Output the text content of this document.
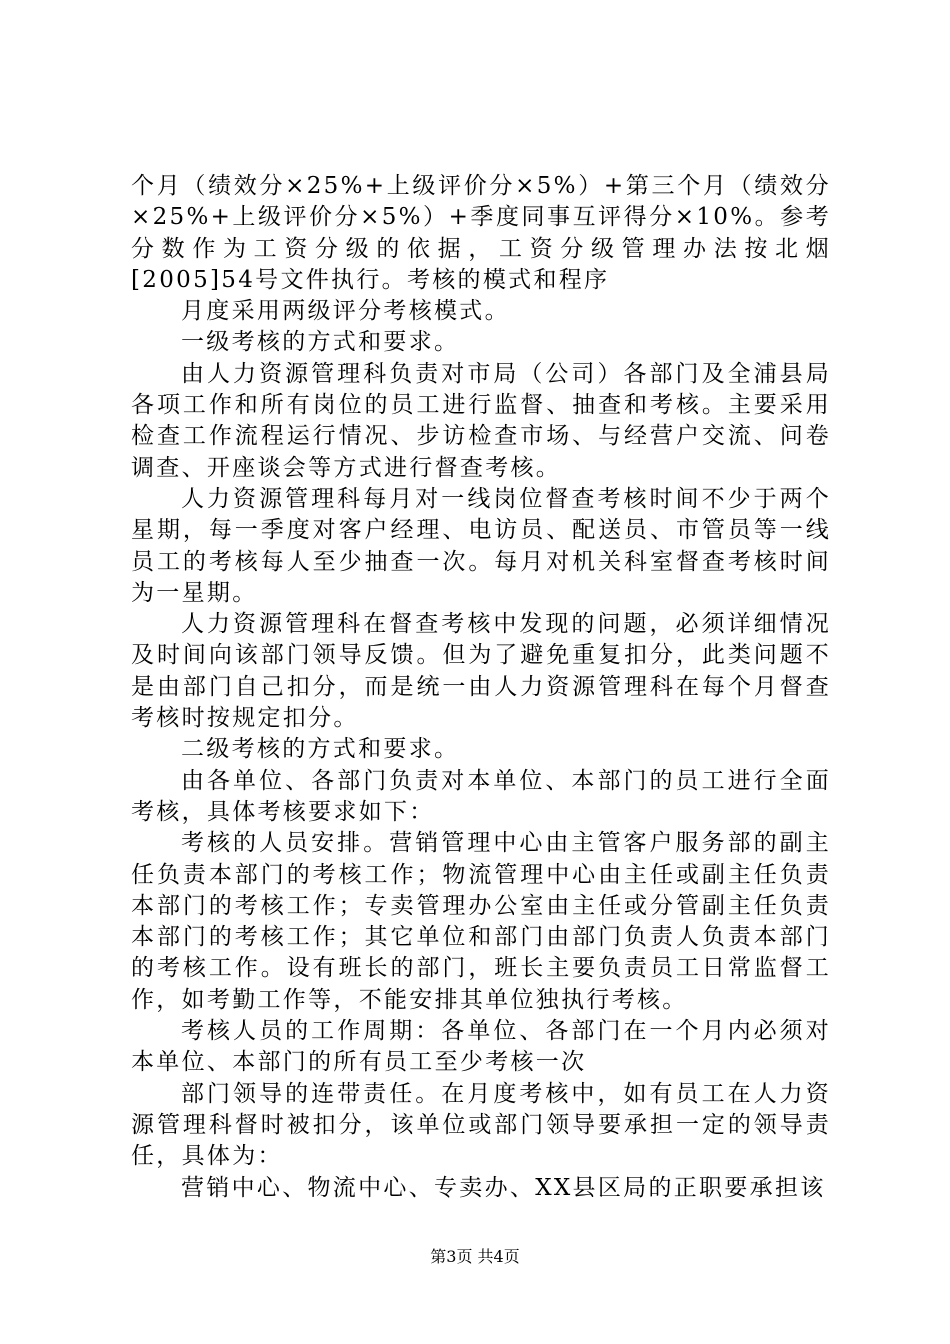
个月（绩效分×25%+上级评价分×5%）+第三个月（绩效分×25%+上级评价分×5%）+季度同事互评得分×10%。参考分数作为工资分级的依据，工资分级管理办法按北烟[2005]54号文件执行。考核的模式和程序

月度采用两级评分考核模式。

一级考核的方式和要求。

由人力资源管理科负责对市局（公司）各部门及全浦县局各项工作和所有岗位的员工进行监督、抽查和考核。主要采用检查工作流程运行情况、步访检查市场、与经营户交流、问卷调查、开座谈会等方式进行督查考核。

人力资源管理科每月对一线岗位督查考核时间不少于两个星期，每一季度对客户经理、电访员、配送员、市管员等一线员工的考核每人至少抽查一次。每月对机关科室督查考核时间为一星期。

人力资源管理科在督查考核中发现的问题，必须详细情况及时间向该部门领导反馈。但为了避免重复扣分，此类问题不是由部门自己扣分，而是统一由人力资源管理科在每个月督查考核时按规定扣分。

二级考核的方式和要求。

由各单位、各部门负责对本单位、本部门的员工进行全面考核，具体考核要求如下：

考核的人员安排。营销管理中心由主管客户服务部的副主任负责本部门的考核工作；物流管理中心由主任或副主任负责本部门的考核工作；专卖管理办公室由主任或分管副主任负责本部门的考核工作；其它单位和部门由部门负责人负责本部门的考核工作。设有班长的部门，班长主要负责员工日常监督工作，如考勤工作等，不能安排其单位独执行考核。

考核人员的工作周期：各单位、各部门在一个月内必须对本单位、本部门的所有员工至少考核一次

部门领导的连带责任。在月度考核中，如有员工在人力资源管理科督时被扣分，该单位或部门领导要承担一定的领导责任，具体为：

营销中心、物流中心、专卖办、XX县区局的正职要承担该

第3页 共4页
